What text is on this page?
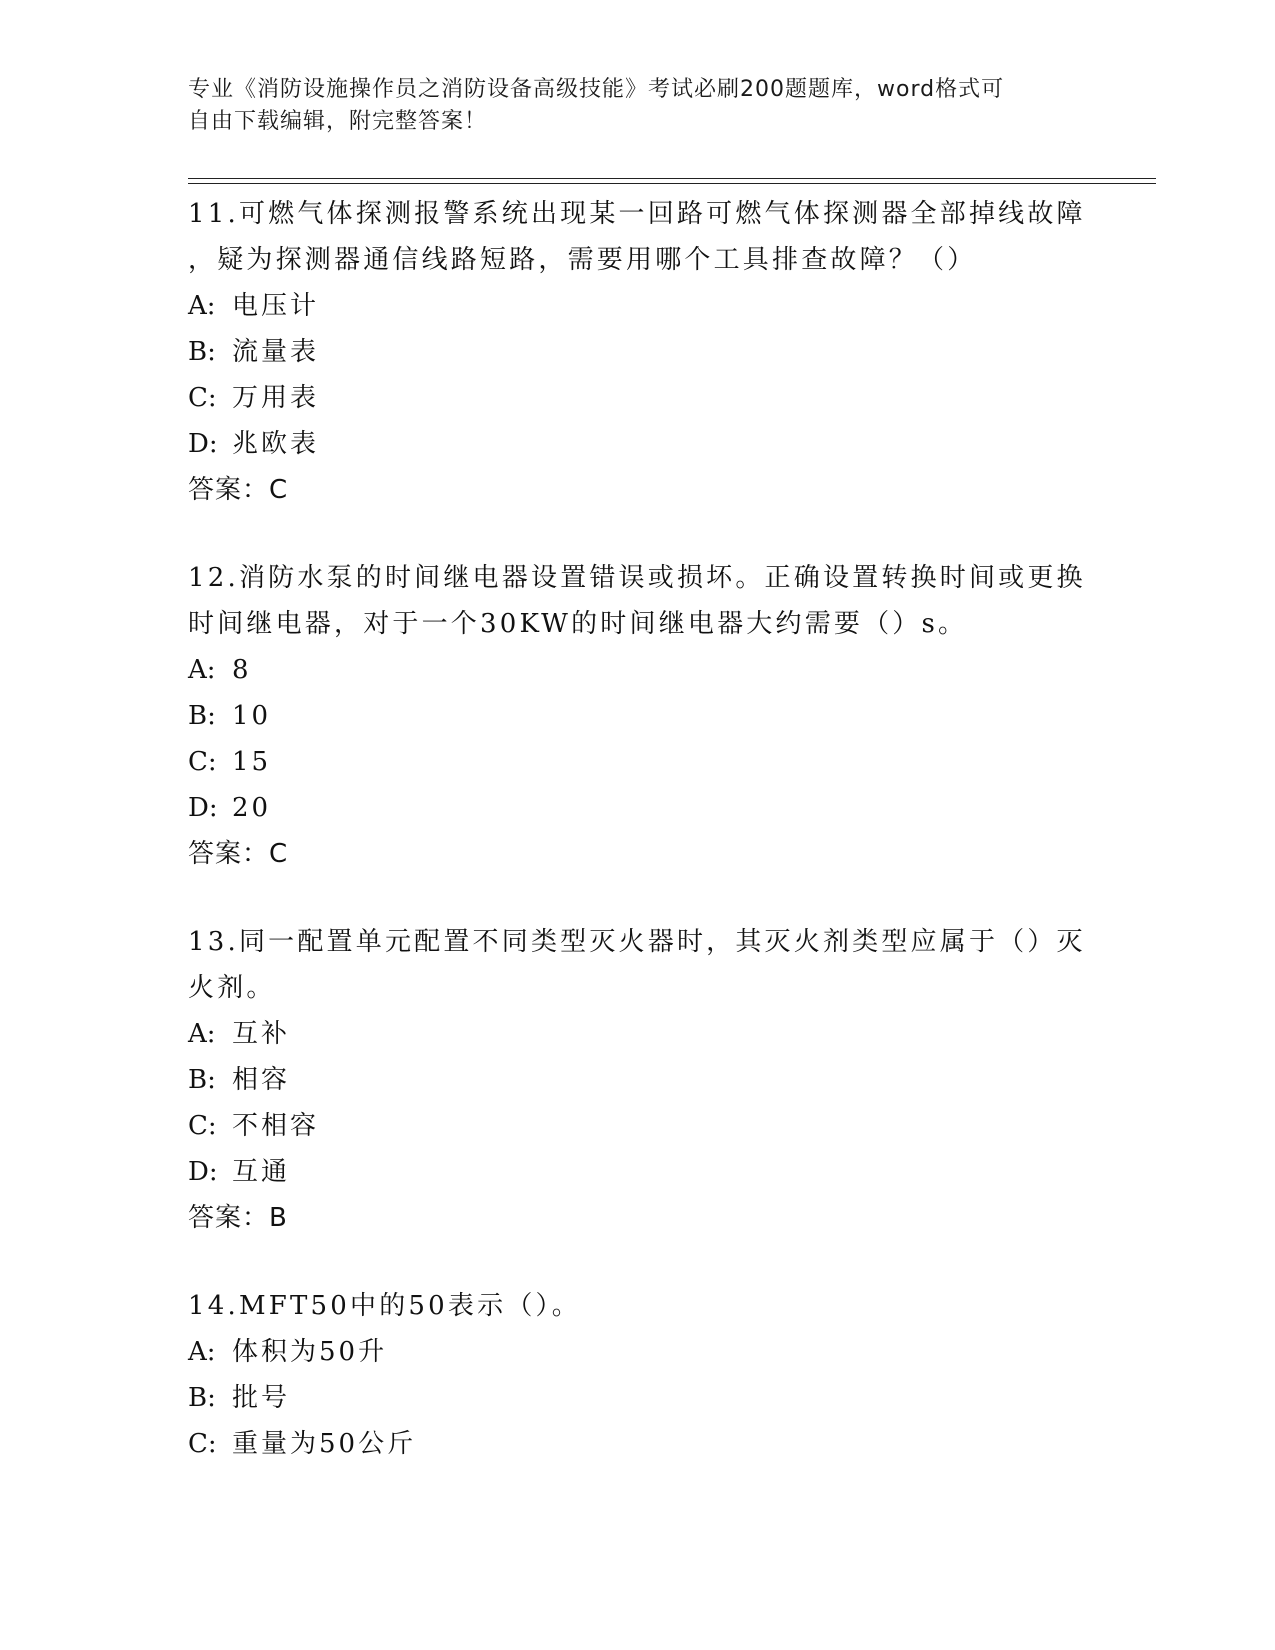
专业《消防设施操作员之消防设备高级技能》考试必刷200题题库，word格式可
自由下载编辑，附完整答案！
11.可燃气体探测报警系统出现某一回路可燃气体探测器全部掉线故障
，疑为探测器通信线路短路，需要用哪个工具排查故障？（）
A: 电压计
B: 流量表
C: 万用表
D: 兆欧表
答案：C
12.消防水泵的时间继电器设置错误或损坏。正确设置转换时间或更换
时间继电器，对于一个30KW的时间继电器大约需要（）s。
A: 8
B: 10
C: 15
D: 20
答案：C
13.同一配置单元配置不同类型灭火器时，其灭火剂类型应属于（）灭
火剂。
A: 互补
B: 相容
C: 不相容
D: 互通
答案：B
14.MFT50中的50表示（）。
A: 体积为50升
B: 批号
C: 重量为50公斤
